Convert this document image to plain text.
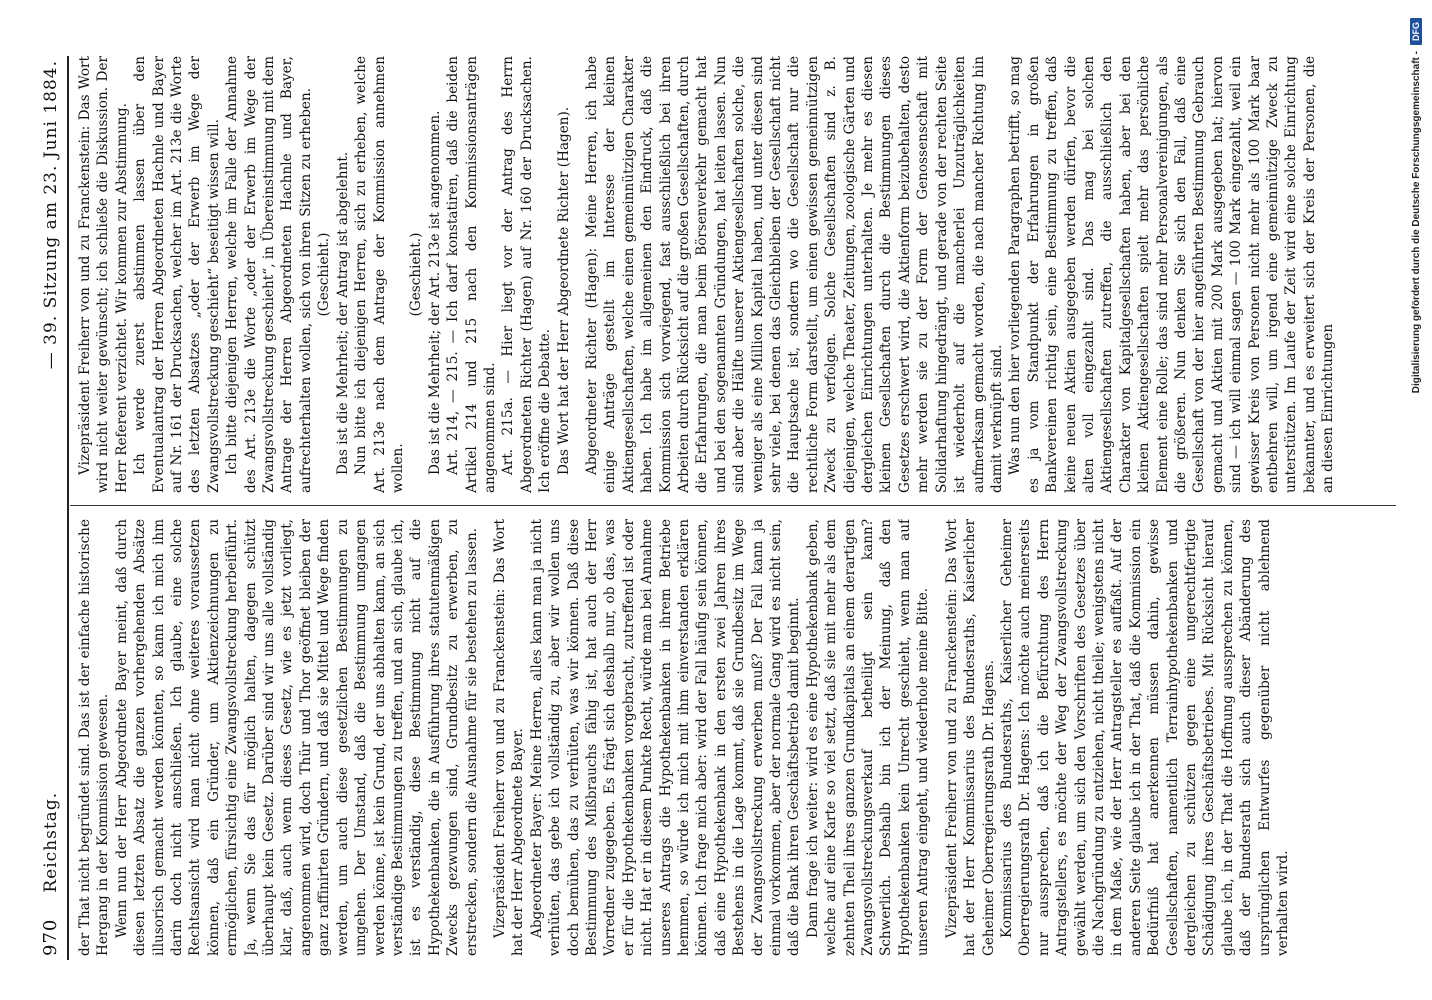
970
Reichstag.
— 39. Sitzung am 23. Juni 1884.

der That nicht begründet sind. Das ist der einfache historische Hergang in der Kommission gewesen. Wenn nun der Herr Abgeordnete Bayer meint, daß durch diesen letzten Absatz die ganzen vorhergehenden Absätze illusorisch gemacht werden könnten, so kann ich mich ihm darin doch nicht anschließen. Ich glaube, eine solche Rechtsansicht wird man nicht ohne weiteres voraussetzen können, daß ein Gründer, um Aktienzeichnungen zu ermöglichen, fürsichtig eine Zwangsvollstreckung herbeiführt. Ja, wenn Sie das für möglich halten, dagegen schützt überhaupt kein Gesetz. Darüber sind wir uns alle vollständig klar, daß, auch wenn dieses Gesetz, wie es jetzt vorliegt, angenommen wird, doch Thür und Thor geöffnet bleiben der ganz raffinirten Gründern, und daß sie Mittel und Wege finden werden, um auch diese gesetzlichen Bestimmungen zu umgehen. Der Umstand, daß die Bestimmung umgangen werden könne, ist kein Grund, der uns abhalten kann, an sich verständige Bestimmungen zu treffen, und an sich, glaube ich, ist es verständig, diese Bestimmung nicht auf die Hypothekenbanken, die in Ausführung ihres statutenmäßigen Zwecks gezwungen sind, Grundbesitz zu erwerben, zu erstrecken, sondern die Ausnahme für sie bestehen zu lassen. Vizepräsident Freiherr von und zu Franckenstein: Das Wort hat der Herr Abgeordnete Bayer. Abgeordneter Bayer: Meine Herren, alles kann man ja nicht verhüten, das gebe ich vollständig zu, aber wir wollen uns doch bemühen, das zu verhüten, was wir können. Daß diese Bestimmung des Mißbrauchs fähig ist, hat auch der Herr Vorredner zugegeben. Es frägt sich deshalb nur, ob das, was er für die Hypothekenbanken vorgebracht, zutreffend ist oder nicht. Hat er in diesem Punkte Recht, würde man bei Annahme unseres Antrags die Hypothekenbanken in ihrem Betriebe hemmen, so würde ich mich mit ihm einverstanden erklären können. Ich frage mich aber: wird der Fall häufig sein können, daß eine Hypothekenbank in den ersten zwei Jahren ihres Bestehens in die Lage kommt, daß sie Grundbesitz im Wege der Zwangsvollstreckung erwerben muß? Der Fall kann ja einmal vorkommen, aber der normale Gang wird es nicht sein, daß die Bank ihren Geschäftsbetrieb damit beginnt. Dann frage ich weiter: wird es eine Hypothekenbank geben, welche auf eine Karte so viel setzt, daß sie mit mehr als dem zehnten Theil ihres ganzen Grundkapitals an einem derartigen Zwangsvollstreckungsverkauf betheiligt sein kann? Schwerlich. Deshalb bin ich der Meinung, daß den Hypothekenbanken kein Unrecht geschieht, wenn man auf unseren Antrag eingeht, und wiederhole meine Bitte. Vizepräsident Freiherr von und zu Franckenstein: Das Wort hat der Herr Kommissarius des Bundesraths, Kaiserlicher Geheimer Oberregierungsrath Dr. Hagens. Kommissarius des Bundesraths, Kaiserlicher Geheimer Oberregierungsrath Dr. Hagens: Ich möchte auch meinerseits nur aussprechen, daß ich die Befürchtung des Herrn Antragstellers, es möchte der Weg der Zwangsvollstreckung gewählt werden, um sich den Vorschriften des Gesetzes über die Nachgründung zu entziehen, nicht theile; wenigstens nicht in dem Maße, wie der Herr Antragsteller es auffaßt. Auf der anderen Seite glaube ich in der That, daß die Kommission ein Bedürfniß hat anerkennen müssen dahin, gewisse Gesellschaften, namentlich Terrainhypothekenbanken und dergleichen zu schützen gegen eine ungerechtfertigte Schädigung ihres Geschäftsbetriebes. Mit Rücksicht hierauf glaube ich, in der That die Hoffnung aussprechen zu können, daß der Bundesrath sich auch dieser Abänderung des ursprünglichen Entwurfes gegenüber nicht ablehnend verhalten wird.

Vizepräsident Freiherr von und zu Franckenstein: Das Wort wird nicht weiter gewünscht; ich schließe die Diskussion. Der Herr Referent verzichtet. Wir kommen zur Abstimmung. Ich werde zuerst abstimmen lassen über den Eventualantrag der Herren Abgeordneten Hachnle und Bayer auf Nr. 161 der Drucksachen, welcher im Art. 213e die Worte des letzten Absatzes „oder der Erwerb im Wege der Zwangsvollstreckung geschieht“ beseitigt wissen will. Ich bitte diejenigen Herren, welche im Falle der Annahme des Art. 213e die Worte „oder der Erwerb im Wege der Zwangsvollstreckung geschieht“, in Übereinstimmung mit dem Antrage der Herren Abgeordneten Hachnle und Bayer, aufrechterhalten wollen, sich von ihren Sitzen zu erheben. (Geschieht.) Das ist die Mehrheit; der Antrag ist abgelehnt. Nun bitte ich diejenigen Herren, sich zu erheben, welche Art. 213e nach dem Antrage der Kommission annehmen wollen.

(Geschieht.) Das ist die Mehrheit; der Art. 213e ist angenommen. Art. 214, — 215. — Ich darf konstatiren, daß die beiden Artikel 214 und 215 nach den Kommissionsanträgen angenommen sind. Art. 215a. — Hier liegt vor der Antrag des Herrn Abgeordneten Richter (Hagen) auf Nr. 160 der Drucksachen. Ich eröffne die Debatte. Das Wort hat der Herr Abgeordnete Richter (Hagen). Abgeordneter Richter (Hagen): Meine Herren, ich habe einige Anträge gestellt im Interesse der kleinen Aktiengesellschaften, welche einen gemeinnützigen Charakter haben. Ich habe im allgemeinen den Eindruck, daß die Kommission sich vorwiegend, fast ausschließlich bei ihren Arbeiten durch Rücksicht auf die großen Gesellschaften, durch die Erfahrungen, die man beim Börsenverkehr gemacht hat und bei den sogenannten Gründungen, hat leiten lassen. Nun sind aber die Hälfte unserer Aktiengesellschaften solche, die weniger als eine Million Kapital haben, und unter diesen sind sehr viele, bei denen das Gleichbleiben der Gesellschaft nicht die Hauptsache ist, sondern wo die Gesellschaft nur die rechtliche Form darstellt, um einen gewissen gemeinnützigen Zweck zu verfolgen. Solche Gesellschaften sind z. B. diejenigen, welche Theater, Zeitungen, zoologische Gärten und dergleichen Einrichtungen unterhalten. Je mehr es diesen kleinen Gesellschaften durch die Bestimmungen dieses Gesetzes erschwert wird, die Aktienform beizubehalten, desto mehr werden sie zu der Form der Genossenschaft mit Solidarhaftung hingedrängt, und gerade von der rechten Seite ist wiederholt auf die mancherlei Unzuträglichkeiten aufmerksam gemacht worden, die nach mancher Richtung hin damit verknüpft sind. Was nun den hier vorliegenden Paragraphen betrifft, so mag es ja vom Standpunkt der Erfahrungen in großen Bankvereinen richtig sein, eine Bestimmung zu treffen, daß keine neuen Aktien ausgegeben werden dürfen, bevor die alten voll eingezahlt sind. Das mag bei solchen Aktiengesellschaften zutreffen, die ausschließlich den Charakter von Kapitalgesellschaften haben, aber bei den kleinen Aktiengesellschaften spielt mehr das persönliche Element eine Rolle; das sind mehr Personalvereinigungen, als die größeren. Nun denken Sie sich den Fall, daß eine Gesellschaft von der hier angeführten Bestimmung Gebrauch gemacht und Aktien mit 200 Mark ausgegeben hat; hiervon sind — ich will einmal sagen — 100 Mark eingezahlt, weil ein gewisser Kreis von Personen nicht mehr als 100 Mark baar entbehren will, um irgend eine gemeinnützige Zweck zu unterstützen. Im Laufe der Zeit wird eine solche Einrichtung bekannter, und es erweitert sich der Kreis der Personen, die an diesen Einrichtungen

Digitalisierung gefördert durch die Deutsche Forschungsgemeinschaft -
DFG
